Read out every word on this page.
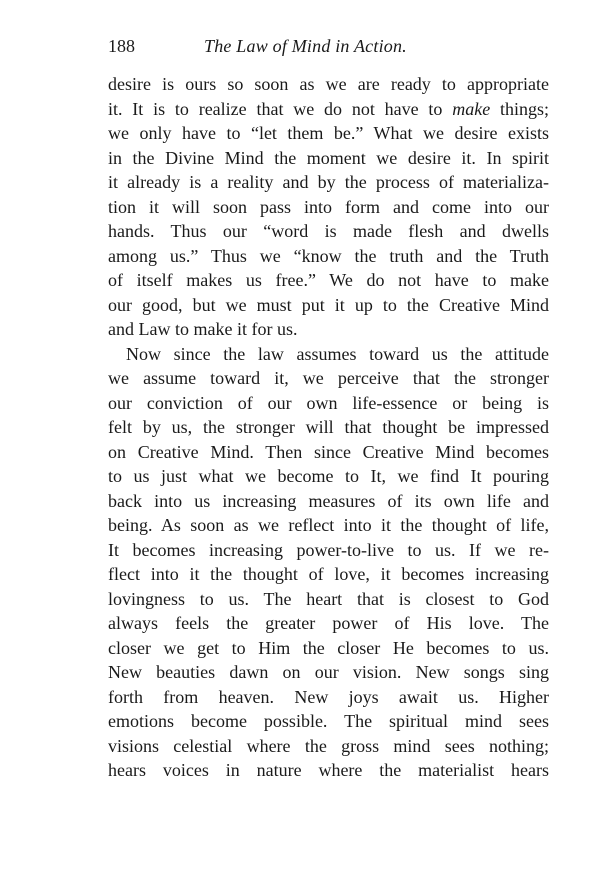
188	The Law of Mind in Action.
desire is ours so soon as we are ready to appropriate
it. It is to realize that we do not have to make things;
we only have to “let them be.” What we desire exists
in the Divine Mind the moment we desire it. In spirit
it already is a reality and by the process of materializa-
tion it will soon pass into form and come into our
hands. Thus our “word is made flesh and dwells
among us.” Thus we “know the truth and the Truth
of itself makes us free.” We do not have to make
our good, but we must put it up to the Creative Mind
and Law to make it for us.
Now since the law assumes toward us the attitude
we assume toward it, we perceive that the stronger
our conviction of our own life-essence or being is
felt by us, the stronger will that thought be impressed
on Creative Mind. Then since Creative Mind becomes
to us just what we become to It, we find It pouring
back into us increasing measures of its own life and
being. As soon as we reflect into it the thought of life,
It becomes increasing power-to-live to us. If we re-
flect into it the thought of love, it becomes increasing
lovingness to us. The heart that is closest to God
always feels the greater power of His love. The
closer we get to Him the closer He becomes to us.
New beauties dawn on our vision. New songs sing
forth from heaven. New joys await us. Higher
emotions become possible. The spiritual mind sees
visions celestial where the gross mind sees nothing;
hears voices in nature where the materialist hears
